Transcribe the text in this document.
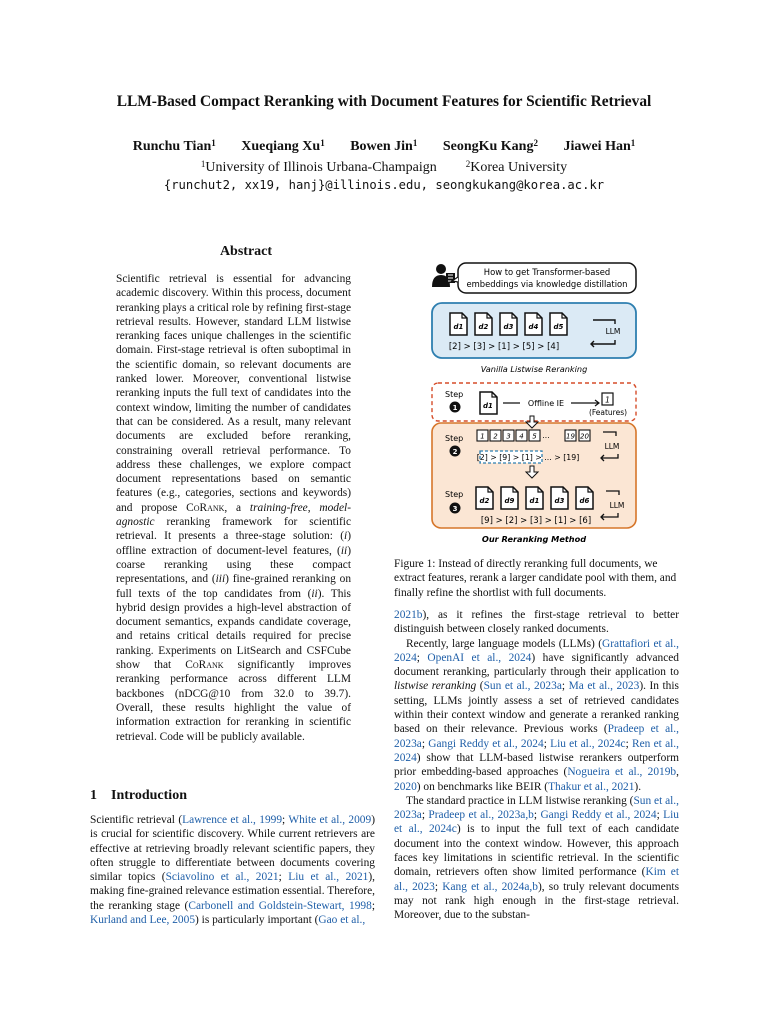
LLM-Based Compact Reranking with Document Features for Scientific Retrieval
Runchu Tian$^1$ Xueqiang Xu$^1$ Bowen Jin$^1$ SeongKu Kang$^2$ Jiawei Han$^1$
$^1$University of Illinois Urbana-Champaign	$^2$Korea University
{runchut2, xx19, hanj}@illinois.edu, seongkukang@korea.ac.kr
Abstract
Scientific retrieval is essential for advancing academic discovery. Within this process, document reranking plays a critical role by refining first-stage retrieval results. However, standard LLM listwise reranking faces unique challenges in the scientific domain. First-stage retrieval is often suboptimal in the scientific domain, so relevant documents are ranked lower. Moreover, conventional listwise reranking inputs the full text of candidates into the context window, limiting the number of candidates that can be considered. As a result, many relevant documents are excluded before reranking, constraining overall retrieval performance. To address these challenges, we explore compact document representations based on semantic features (e.g., categories, sections and keywords) and propose CoRank, a training-free, model-agnostic reranking framework for scientific retrieval. It presents a three-stage solution: (i) offline extraction of document-level features, (ii) coarse reranking using these compact representations, and (iii) fine-grained reranking on full texts of the top candidates from (ii). This hybrid design provides a high-level abstraction of document semantics, expands candidate coverage, and retains critical details required for precise ranking. Experiments on LitSearch and CSFCube show that CoRank significantly improves reranking performance across different LLM backbones (nDCG@10 from 32.0 to 39.7). Overall, these results highlight the value of information extraction for reranking in scientific retrieval. Code will be publicly available.
1 Introduction
Scientific retrieval (Lawrence et al., 1999; White et al., 2009) is crucial for scientific discovery. While current retrievers are effective at retrieving broadly relevant scientific papers, they often struggle to differentiate between documents covering similar topics (Sciavolino et al., 2021; Liu et al., 2021), making fine-grained relevance estimation essential. Therefore, the reranking stage (Carbonell and Goldstein-Stewart, 1998; Kurland and Lee, 2005) is particularly important (Gao et al.,
How to get Transformer-based
embeddings via knowledge distillation
d1 d2 d3 d4 d5	LLM
[2] > [3] > [1] > [5] > [4]
Vanilla Listwise Reranking
Step
1	d1	Offline IE	1
(Features)
Step
2
1 2 3 4 5 ... 19 20
LLM
[2] > [9] > [1] > ... > [19]
Step
3
d2 d9 d1 d3 d6	LLM
[9] > [2] > [3] > [1] > [6]
Our Reranking Method
Figure 1: Instead of directly reranking full documents, we extract features, rerank a larger candidate pool with them, and finally refine the shortlist with full documents.

2021b), as it refines the first-stage retrieval to better distinguish between closely ranked documents.

Recently, large language models (LLMs) (Grattafiori et al., 2024; OpenAI et al., 2024) have significantly advanced document reranking, particularly through their application to listwise reranking (Sun et al., 2023a; Ma et al., 2023). In this setting, LLMs jointly assess a set of retrieved candidates within their context window and generate a reranked ranking based on their relevance. Previous works (Pradeep et al., 2023a; Gangi Reddy et al., 2024; Liu et al., 2024c; Ren et al., 2024) show that LLM-based listwise rerankers outperform prior embedding-based approaches (Nogueira et al., 2019b, 2020) on benchmarks like BEIR (Thakur et al., 2021).

The standard practice in LLM listwise reranking (Sun et al., 2023a; Pradeep et al., 2023a,b; Gangi Reddy et al., 2024; Liu et al., 2024c) is to input the full text of each candidate document into the context window. However, this approach faces key limitations in scientific retrieval. In the scientific domain, retrievers often show limited performance (Kim et al., 2023; Kang et al., 2024a,b), so truly relevant documents may not rank high enough in the first-stage retrieval. Moreover, due to the substan-
